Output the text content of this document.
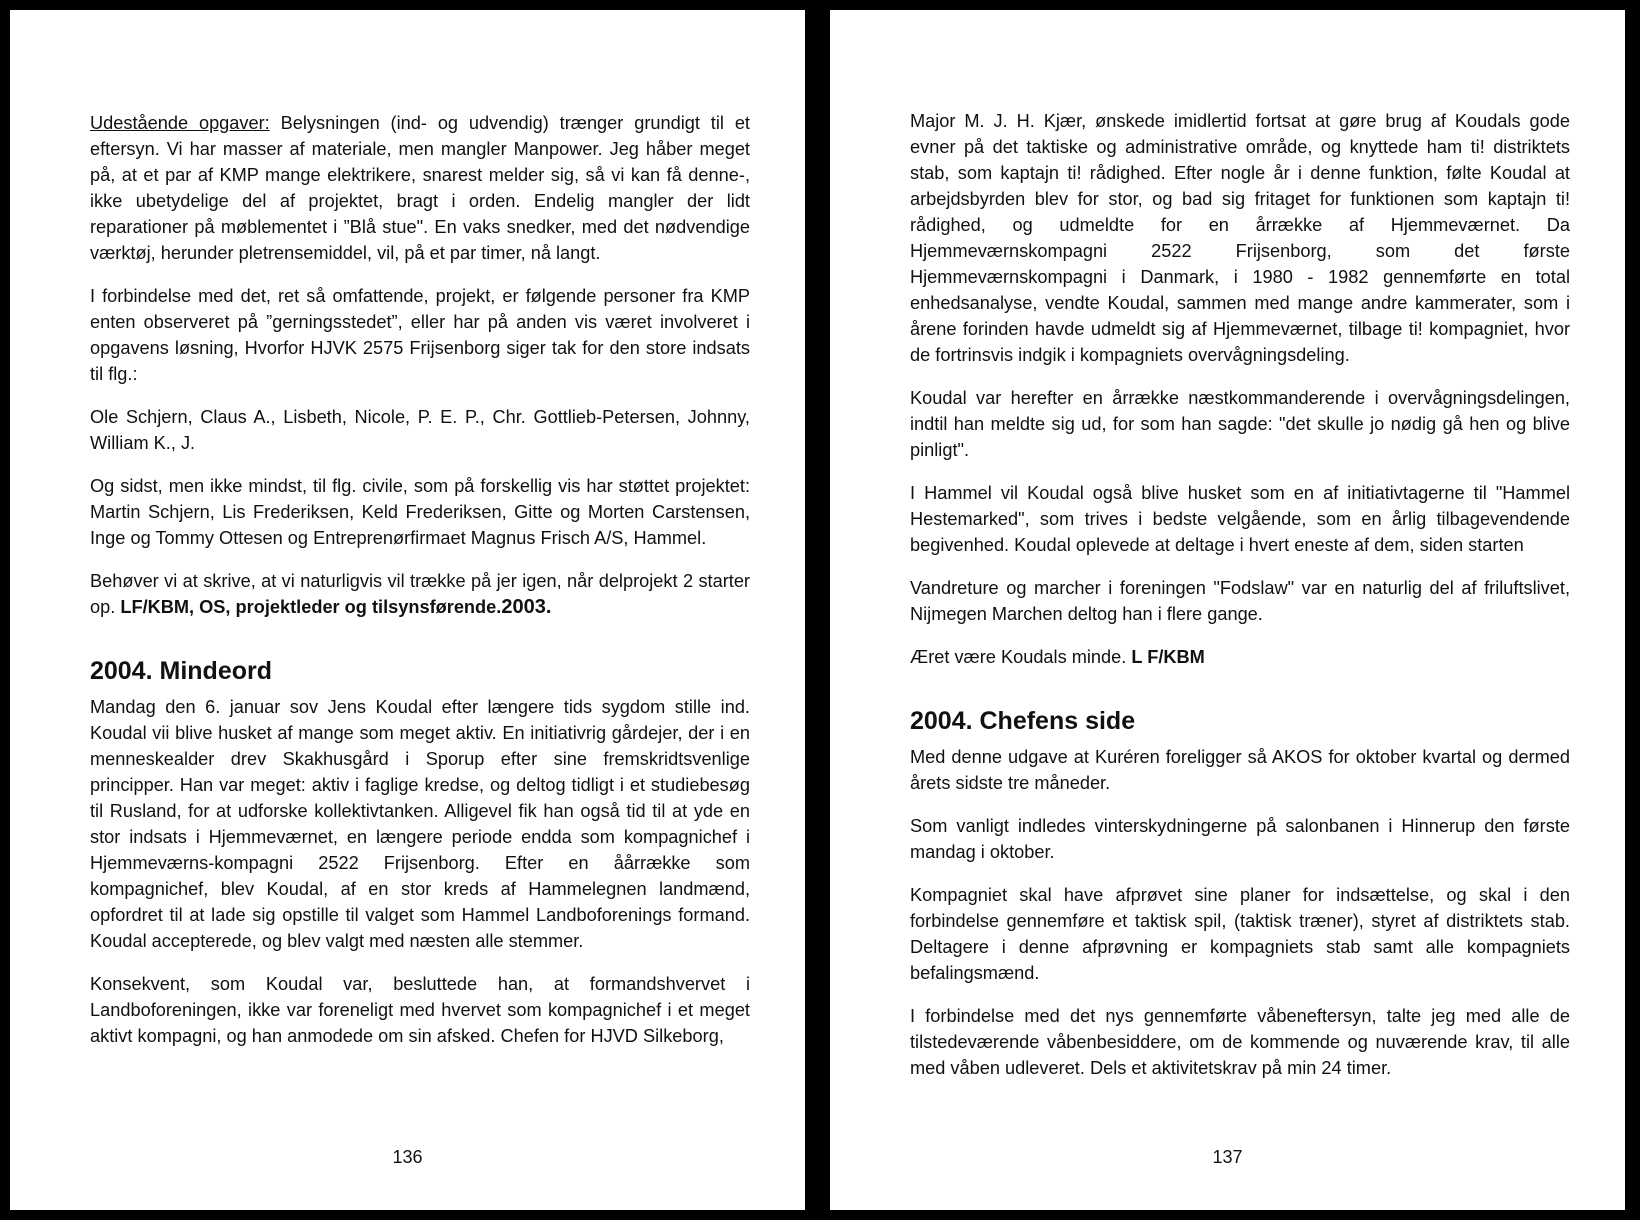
Udestående opgaver: Belysningen (ind- og udvendig) trænger grundigt til et eftersyn. Vi har masser af materiale, men mangler Manpower. Jeg håber meget på, at et par af KMP mange elektrikere, snarest melder sig, så vi kan få denne-, ikke ubetydelige del af projektet, bragt i orden. Endelig mangler der lidt reparationer på møblementet i ”Blå stue". En vaks snedker, med det nødvendige værktøj, herunder pletrensemiddel, vil, på et par timer, nå langt.

I forbindelse med det, ret så omfattende, projekt, er følgende personer fra KMP enten observeret på ”gerningsstedet”, eller har på anden vis været involveret i opgavens løsning, Hvorfor HJVK 2575 Frijsenborg siger tak for den store indsats til flg.:

Ole Schjern, Claus A., Lisbeth, Nicole, P. E. P., Chr. Gottlieb-Petersen, Johnny, William K., J.

Og sidst, men ikke mindst, til flg. civile, som på forskellig vis har støttet projektet: Martin Schjern, Lis Frederiksen, Keld Frederiksen, Gitte og Morten Carstensen, Inge og Tommy Ottesen og Entreprenørfirmaet Magnus Frisch A/S, Hammel.

Behøver vi at skrive, at vi naturligvis vil trække på jer igen, når delprojekt 2 starter op. LF/KBM, OS, projektleder og tilsynsførende.2003.

2004. Mindeord

Mandag den 6. januar sov Jens Koudal efter længere tids sygdom stille ind. Koudal vii blive husket af mange som meget aktiv. En initiativrig gårdejer, der i en menneskealder drev Skakhusgård i Sporup efter sine fremskridtsvenlige principper. Han var meget: aktiv i faglige kredse, og deltog tidligt i et studiebesøg til Rusland, for at udforske kollektivtanken. Alligevel fik han også tid til at yde en stor indsats i Hjemmeværnet, en længere periode endda som kompagnichef i Hjemmeværns-kompagni 2522 Frijsenborg. Efter en åårrække som kompagnichef, blev Koudal, af en stor kreds af Hammelegnen landmænd, opfordret til at lade sig opstille til valget som Hammel Landboforenings formand. Koudal accepterede, og blev valgt med næsten alle stemmer.

Konsekvent, som Koudal var, besluttede han, at formandshvervet i Landboforeningen, ikke var foreneligt med hvervet som kompagnichef i et meget aktivt kompagni, og han anmodede om sin afsked. Chefen for HJVD Silkeborg,

136

Major M. J. H. Kjær, ønskede imidlertid fortsat at gøre brug af Koudals gode evner på det taktiske og administrative område, og knyttede ham ti! distriktets stab, som kaptajn ti! rådighed. Efter nogle år i denne funktion, følte Koudal at arbejdsbyrden blev for stor, og bad sig fritaget for funktionen som kaptajn ti! rådighed, og udmeldte for en årrække af Hjemmeværnet. Da Hjemmeværnskompagni 2522 Frijsenborg, som det første Hjemmeværnskompagni i Danmark, i 1980 - 1982 gennemførte en total enhedsanalyse, vendte Koudal, sammen med mange andre kammerater, som i årene forinden havde udmeldt sig af Hjemmeværnet, tilbage ti! kompagniet, hvor de fortrinsvis indgik i kompagniets overvågningsdeling.

Koudal var herefter en årrække næstkommanderende i overvågningsdelingen, indtil han meldte sig ud, for som han sagde: "det skulle jo nødig gå hen og blive pinligt".

I Hammel vil Koudal også blive husket som en af initiativtagerne til "Hammel Hestemarked", som trives i bedste velgående, som en årlig tilbagevendende begivenhed. Koudal oplevede at deltage i hvert eneste af dem, siden starten

Vandreture og marcher i foreningen "Fodslaw" var en naturlig del af friluftslivet, Nijmegen Marchen deltog han i flere gange.

Æret være Koudals minde. L F/KBM

2004. Chefens side

Med denne udgave at Kuréren foreligger så AKOS for oktober kvartal og dermed årets sidste tre måneder.

Som vanligt indledes vinterskydningerne på salonbanen i Hinnerup den første mandag i oktober.

Kompagniet skal have afprøvet sine planer for indsættelse, og skal i den forbindelse gennemføre et taktisk spil, (taktisk træner), styret af distriktets stab. Deltagere i denne afprøvning er kompagniets stab samt alle kompagniets befalingsmænd.

I forbindelse med det nys gennemførte våbeneftersyn, talte jeg med alle de tilstedeværende våbenbesiddere, om de kommende og nuværende krav, til alle med våben udleveret. Dels et aktivitetskrav på min 24 timer.

137
